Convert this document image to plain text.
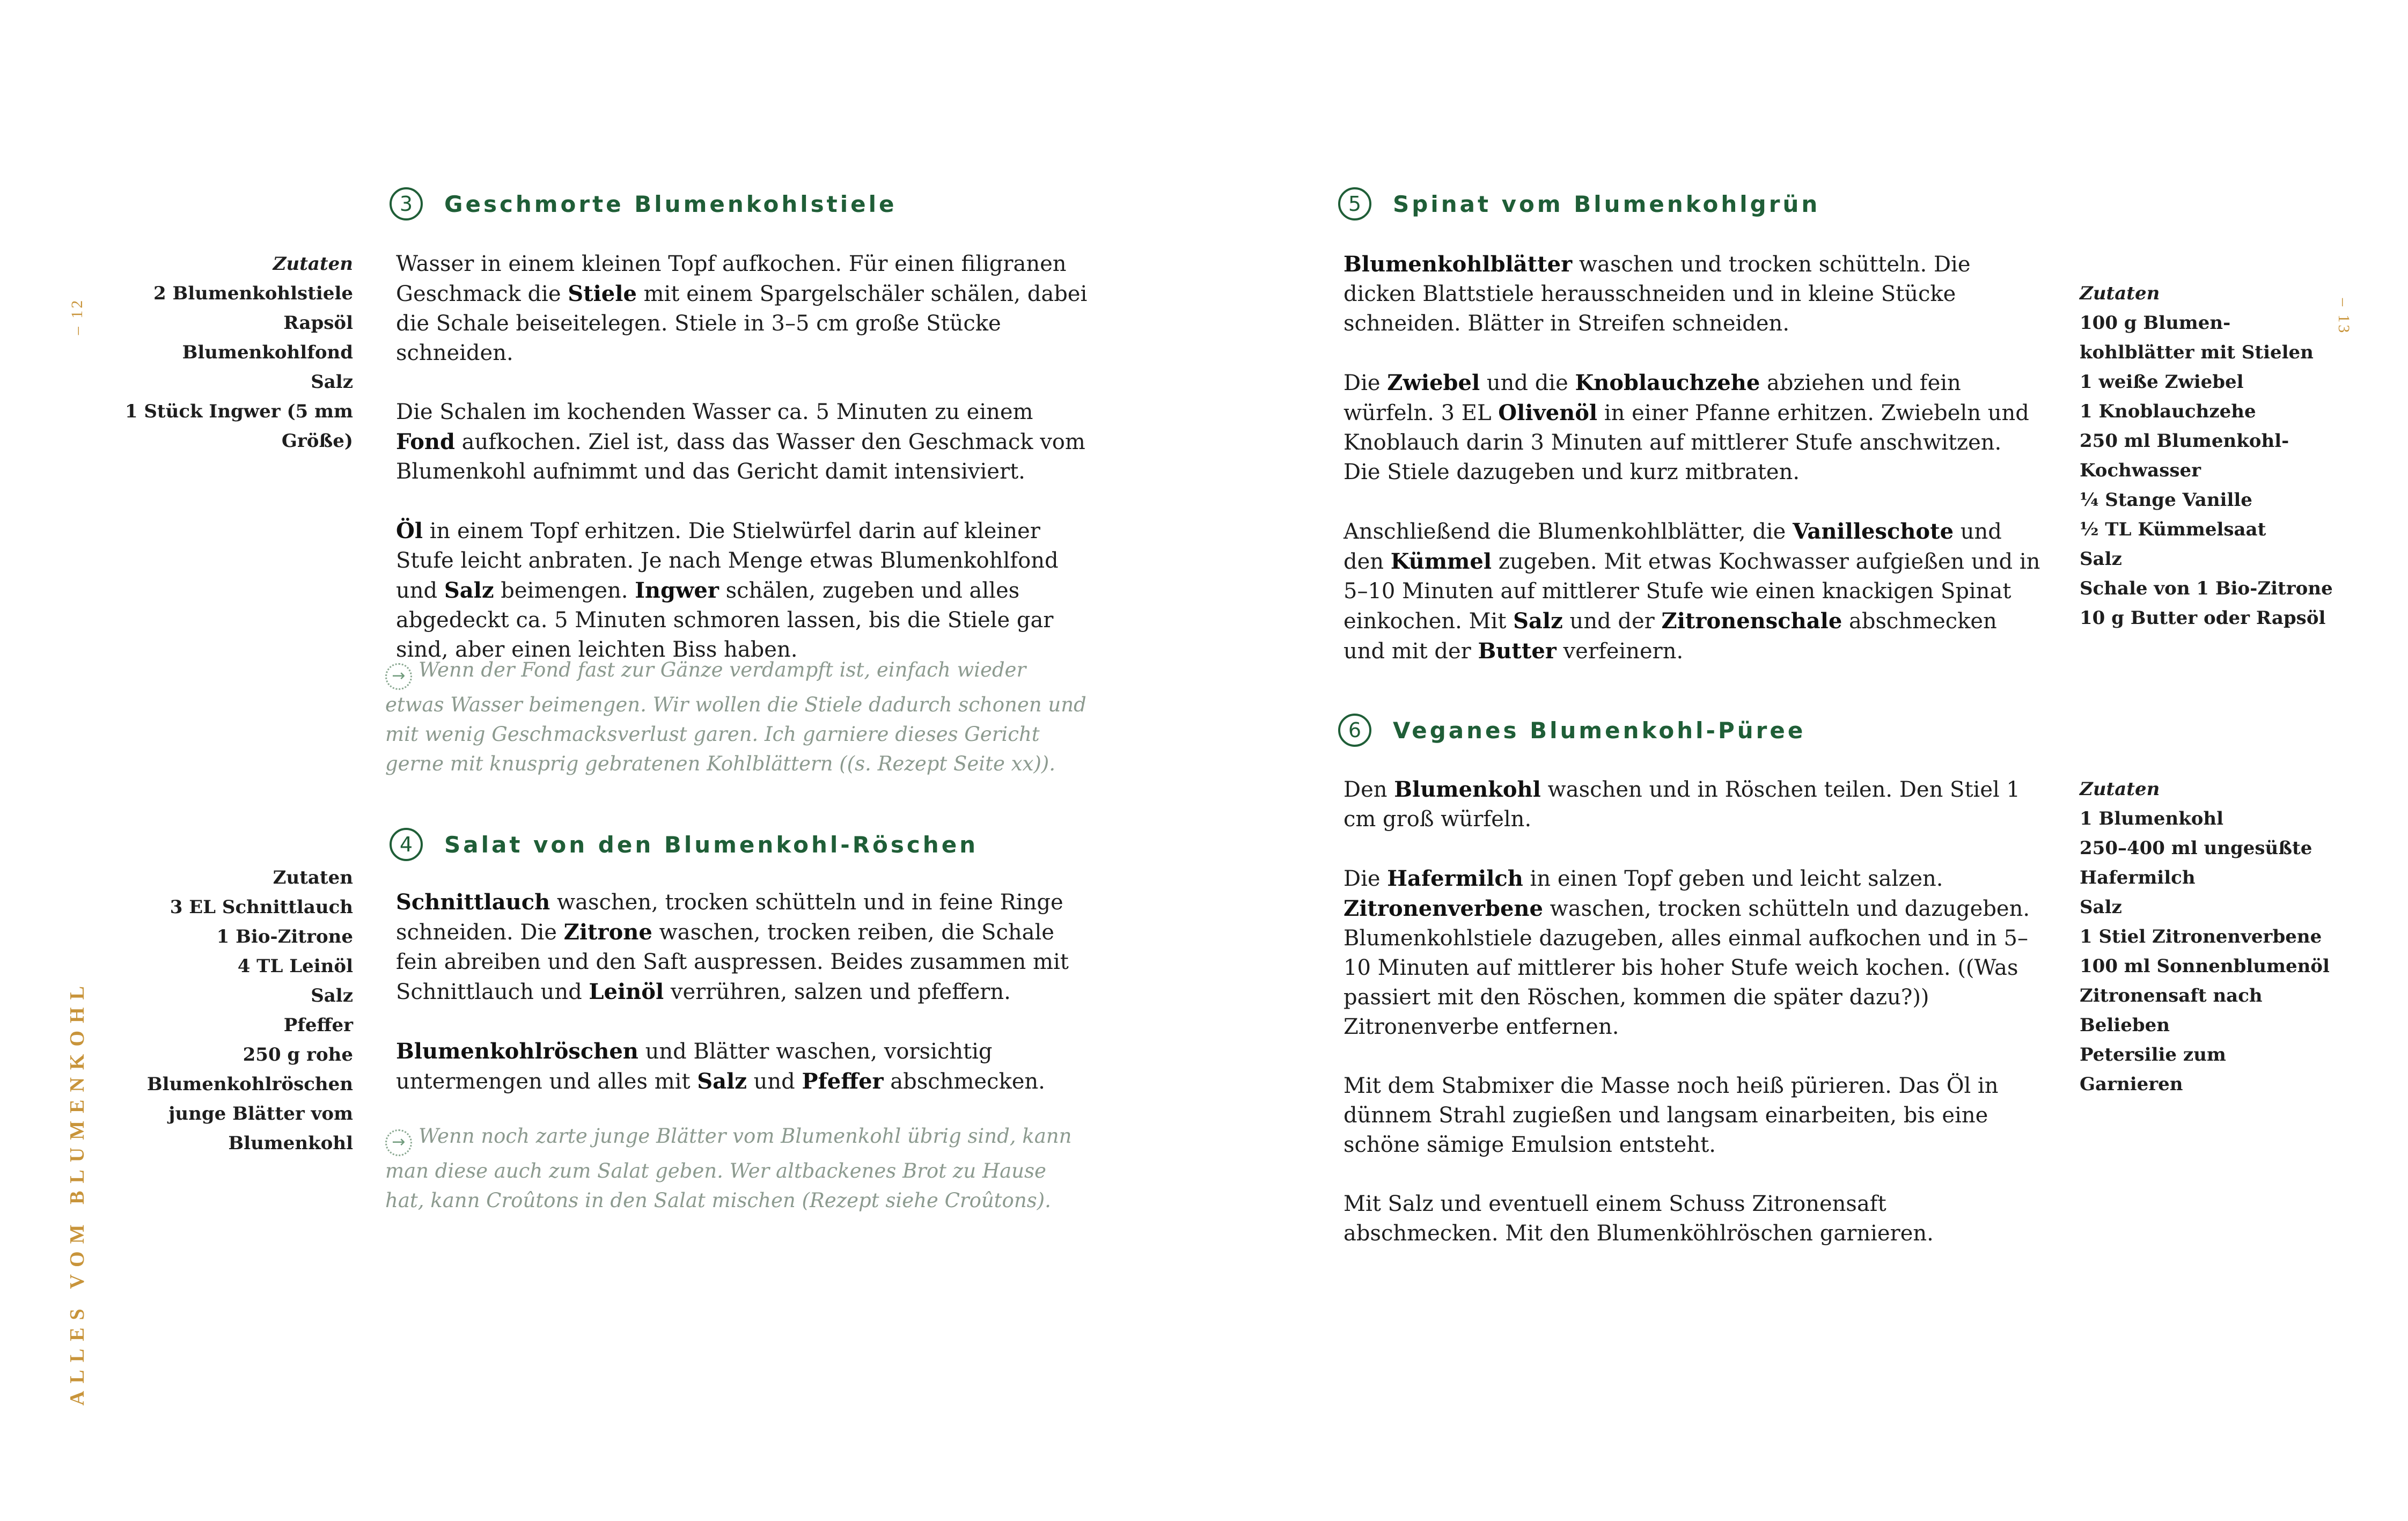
– 12	– 13
ALLES VOM BLUMENKOHL
3	Geschmorte Blumenkohlstiele
Zutaten
2 Blumenkohlstiele
Rapsöl
Blumenkohlfond
Salz
1 Stück Ingwer (5 mm
Größe)

Wasser in einem kleinen Topf aufkochen. Für einen filigranen Geschmack die Stiele mit einem Spargelschäler schälen, dabei die Schale beiseitelegen. Stiele in 3–5 cm große Stücke schneiden.

Die Schalen im kochenden Wasser ca. 5 Minuten zu einem Fond aufkochen. Ziel ist, dass das Wasser den Geschmack vom Blumenkohl aufnimmt und das Gericht damit intensiviert.

Öl in einem Topf erhitzen. Die Stielwürfel darin auf kleiner Stufe leicht anbraten. Je nach Menge etwas Blumenkohlfond und Salz beimengen. Ingwer schälen, zugeben und alles abgedeckt ca. 5 Minuten schmoren lassen, bis die Stiele gar sind, aber einen leichten Biss haben.

→ Wenn der Fond fast zur Gänze verdampft ist, einfach wieder etwas Wasser beimengen. Wir wollen die Stiele dadurch schonen und mit wenig Geschmacksverlust garen. Ich garniere dieses Gericht gerne mit knusprig gebratenen Kohlblättern ((s. Rezept Seite xx)).
4	Salat von den Blumenkohl-Röschen
Zutaten
3 EL Schnittlauch
1 Bio-Zitrone
4 TL Leinöl
Salz
Pfeffer
250 g rohe
Blumenkohlröschen
junge Blätter vom
Blumenkohl

Schnittlauch waschen, trocken schütteln und in feine Ringe schneiden. Die Zitrone waschen, trocken reiben, die Schale fein abreiben und den Saft auspressen. Beides zusammen mit Schnittlauch und Leinöl verrühren, salzen und pfeffern.

Blumenkohlröschen und Blätter waschen, vorsichtig untermengen und alles mit Salz und Pfeffer abschmecken.

→ Wenn noch zarte junge Blätter vom Blumenkohl übrig sind, kann man diese auch zum Salat geben. Wer altbackenes Brot zu Hause hat, kann Croûtons in den Salat mischen (Rezept siehe Croûtons).
5	Spinat vom Blumenkohlgrün

Blumenkohlblätter waschen und trocken schütteln. Die dicken Blattstiele herausschneiden und in kleine Stücke schneiden. Blätter in Streifen schneiden.

Die Zwiebel und die Knoblauchzehe abziehen und fein würfeln. 3 EL Olivenöl in einer Pfanne erhitzen. Zwiebeln und Knoblauch darin 3 Minuten auf mittlerer Stufe anschwitzen. Die Stiele dazugeben und kurz mitbraten.

Anschließend die Blumenkohlblätter, die Vanilleschote und den Kümmel zugeben. Mit etwas Kochwasser aufgießen und in 5–10 Minuten auf mittlerer Stufe wie einen knackigen Spinat einkochen. Mit Salz und der Zitronenschale abschmecken und mit der Butter verfeinern.

Zutaten
100 g Blumen-
kohlblätter mit Stielen
1 weiße Zwiebel
1 Knoblauchzehe
250 ml Blumenkohl-
Kochwasser
¼ Stange Vanille
½ TL Kümmelsaat
Salz
Schale von 1 Bio-Zitrone
10 g Butter oder Rapsöl
6	Veganes Blumenkohl-Püree

Den Blumenkohl waschen und in Röschen teilen. Den Stiel 1 cm groß würfeln.

Die Hafermilch in einen Topf geben und leicht salzen. Zitronenverbene waschen, trocken schütteln und dazugeben. Blumenkohlstiele dazugeben, alles einmal aufkochen und in 5–10 Minuten auf mittlerer bis hoher Stufe weich kochen. ((Was passiert mit den Röschen, kommen die später dazu?)) Zitronenverbe entfernen.

Mit dem Stabmixer die Masse noch heiß pürieren. Das Öl in dünnem Strahl zugießen und langsam einarbeiten, bis eine schöne sämige Emulsion entsteht.

Mit Salz und eventuell einem Schuss Zitronensaft abschmecken. Mit den Blumenköhlröschen garnieren.

Zutaten
1 Blumenkohl
250–400 ml ungesüßte
Hafermilch
Salz
1 Stiel Zitronenverbene
100 ml Sonnenblumenöl
Zitronensaft nach
Belieben
Petersilie zum
Garnieren
